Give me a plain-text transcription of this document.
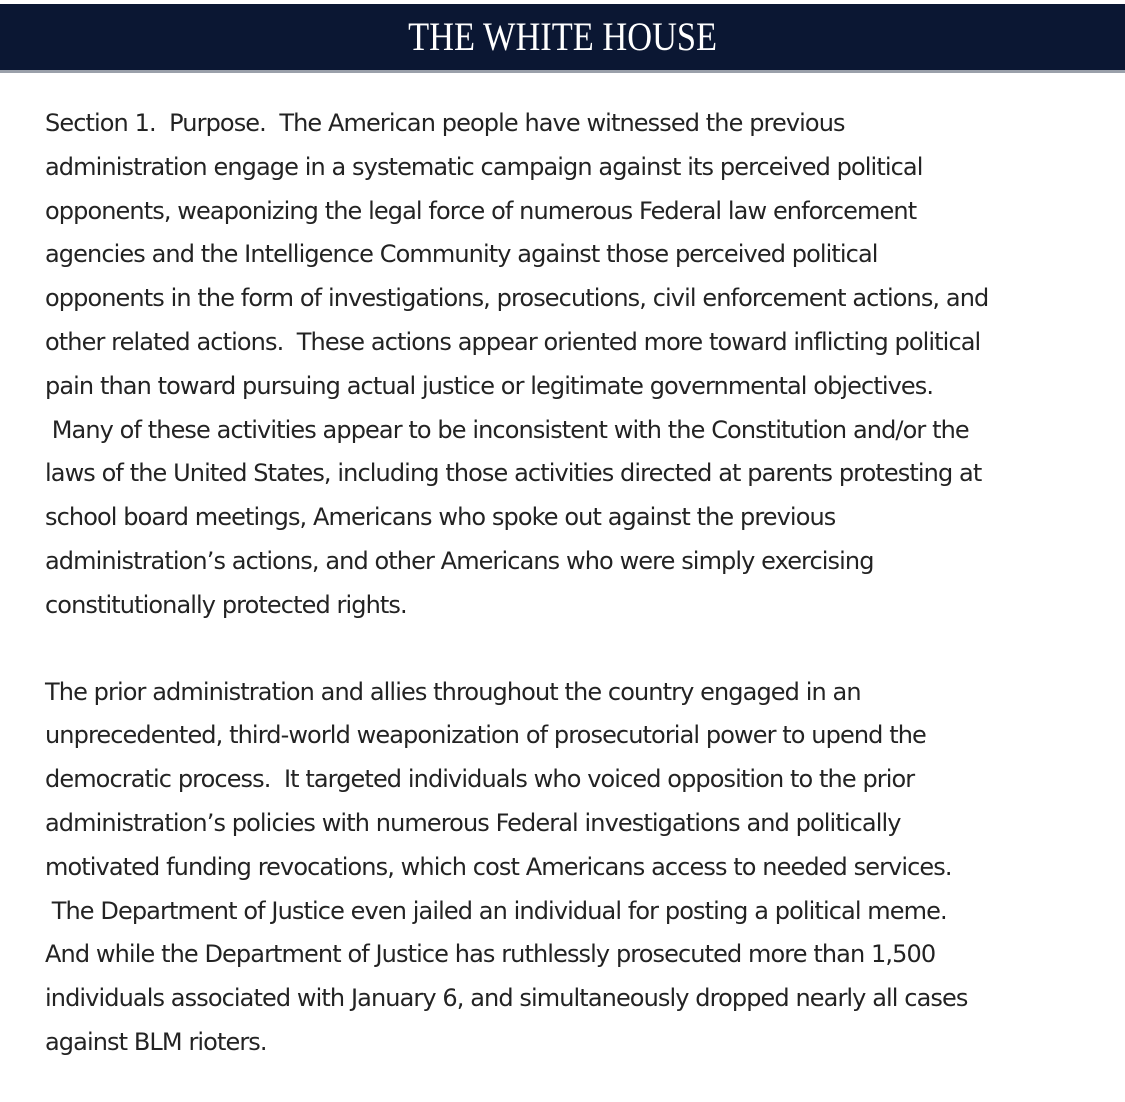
THE WHITE HOUSE
Section 1.  Purpose.  The American people have witnessed the previous
administration engage in a systematic campaign against its perceived political
opponents, weaponizing the legal force of numerous Federal law enforcement
agencies and the Intelligence Community against those perceived political
opponents in the form of investigations, prosecutions, civil enforcement actions, and
other related actions.  These actions appear oriented more toward inflicting political
pain than toward pursuing actual justice or legitimate governmental objectives.
Many of these activities appear to be inconsistent with the Constitution and/or the
laws of the United States, including those activities directed at parents protesting at
school board meetings, Americans who spoke out against the previous
administration’s actions, and other Americans who were simply exercising
constitutionally protected rights.
The prior administration and allies throughout the country engaged in an
unprecedented, third-world weaponization of prosecutorial power to upend the
democratic process.  It targeted individuals who voiced opposition to the prior
administration’s policies with numerous Federal investigations and politically
motivated funding revocations, which cost Americans access to needed services.
The Department of Justice even jailed an individual for posting a political meme.
And while the Department of Justice has ruthlessly prosecuted more than 1,500
individuals associated with January 6, and simultaneously dropped nearly all cases
against BLM rioters.
